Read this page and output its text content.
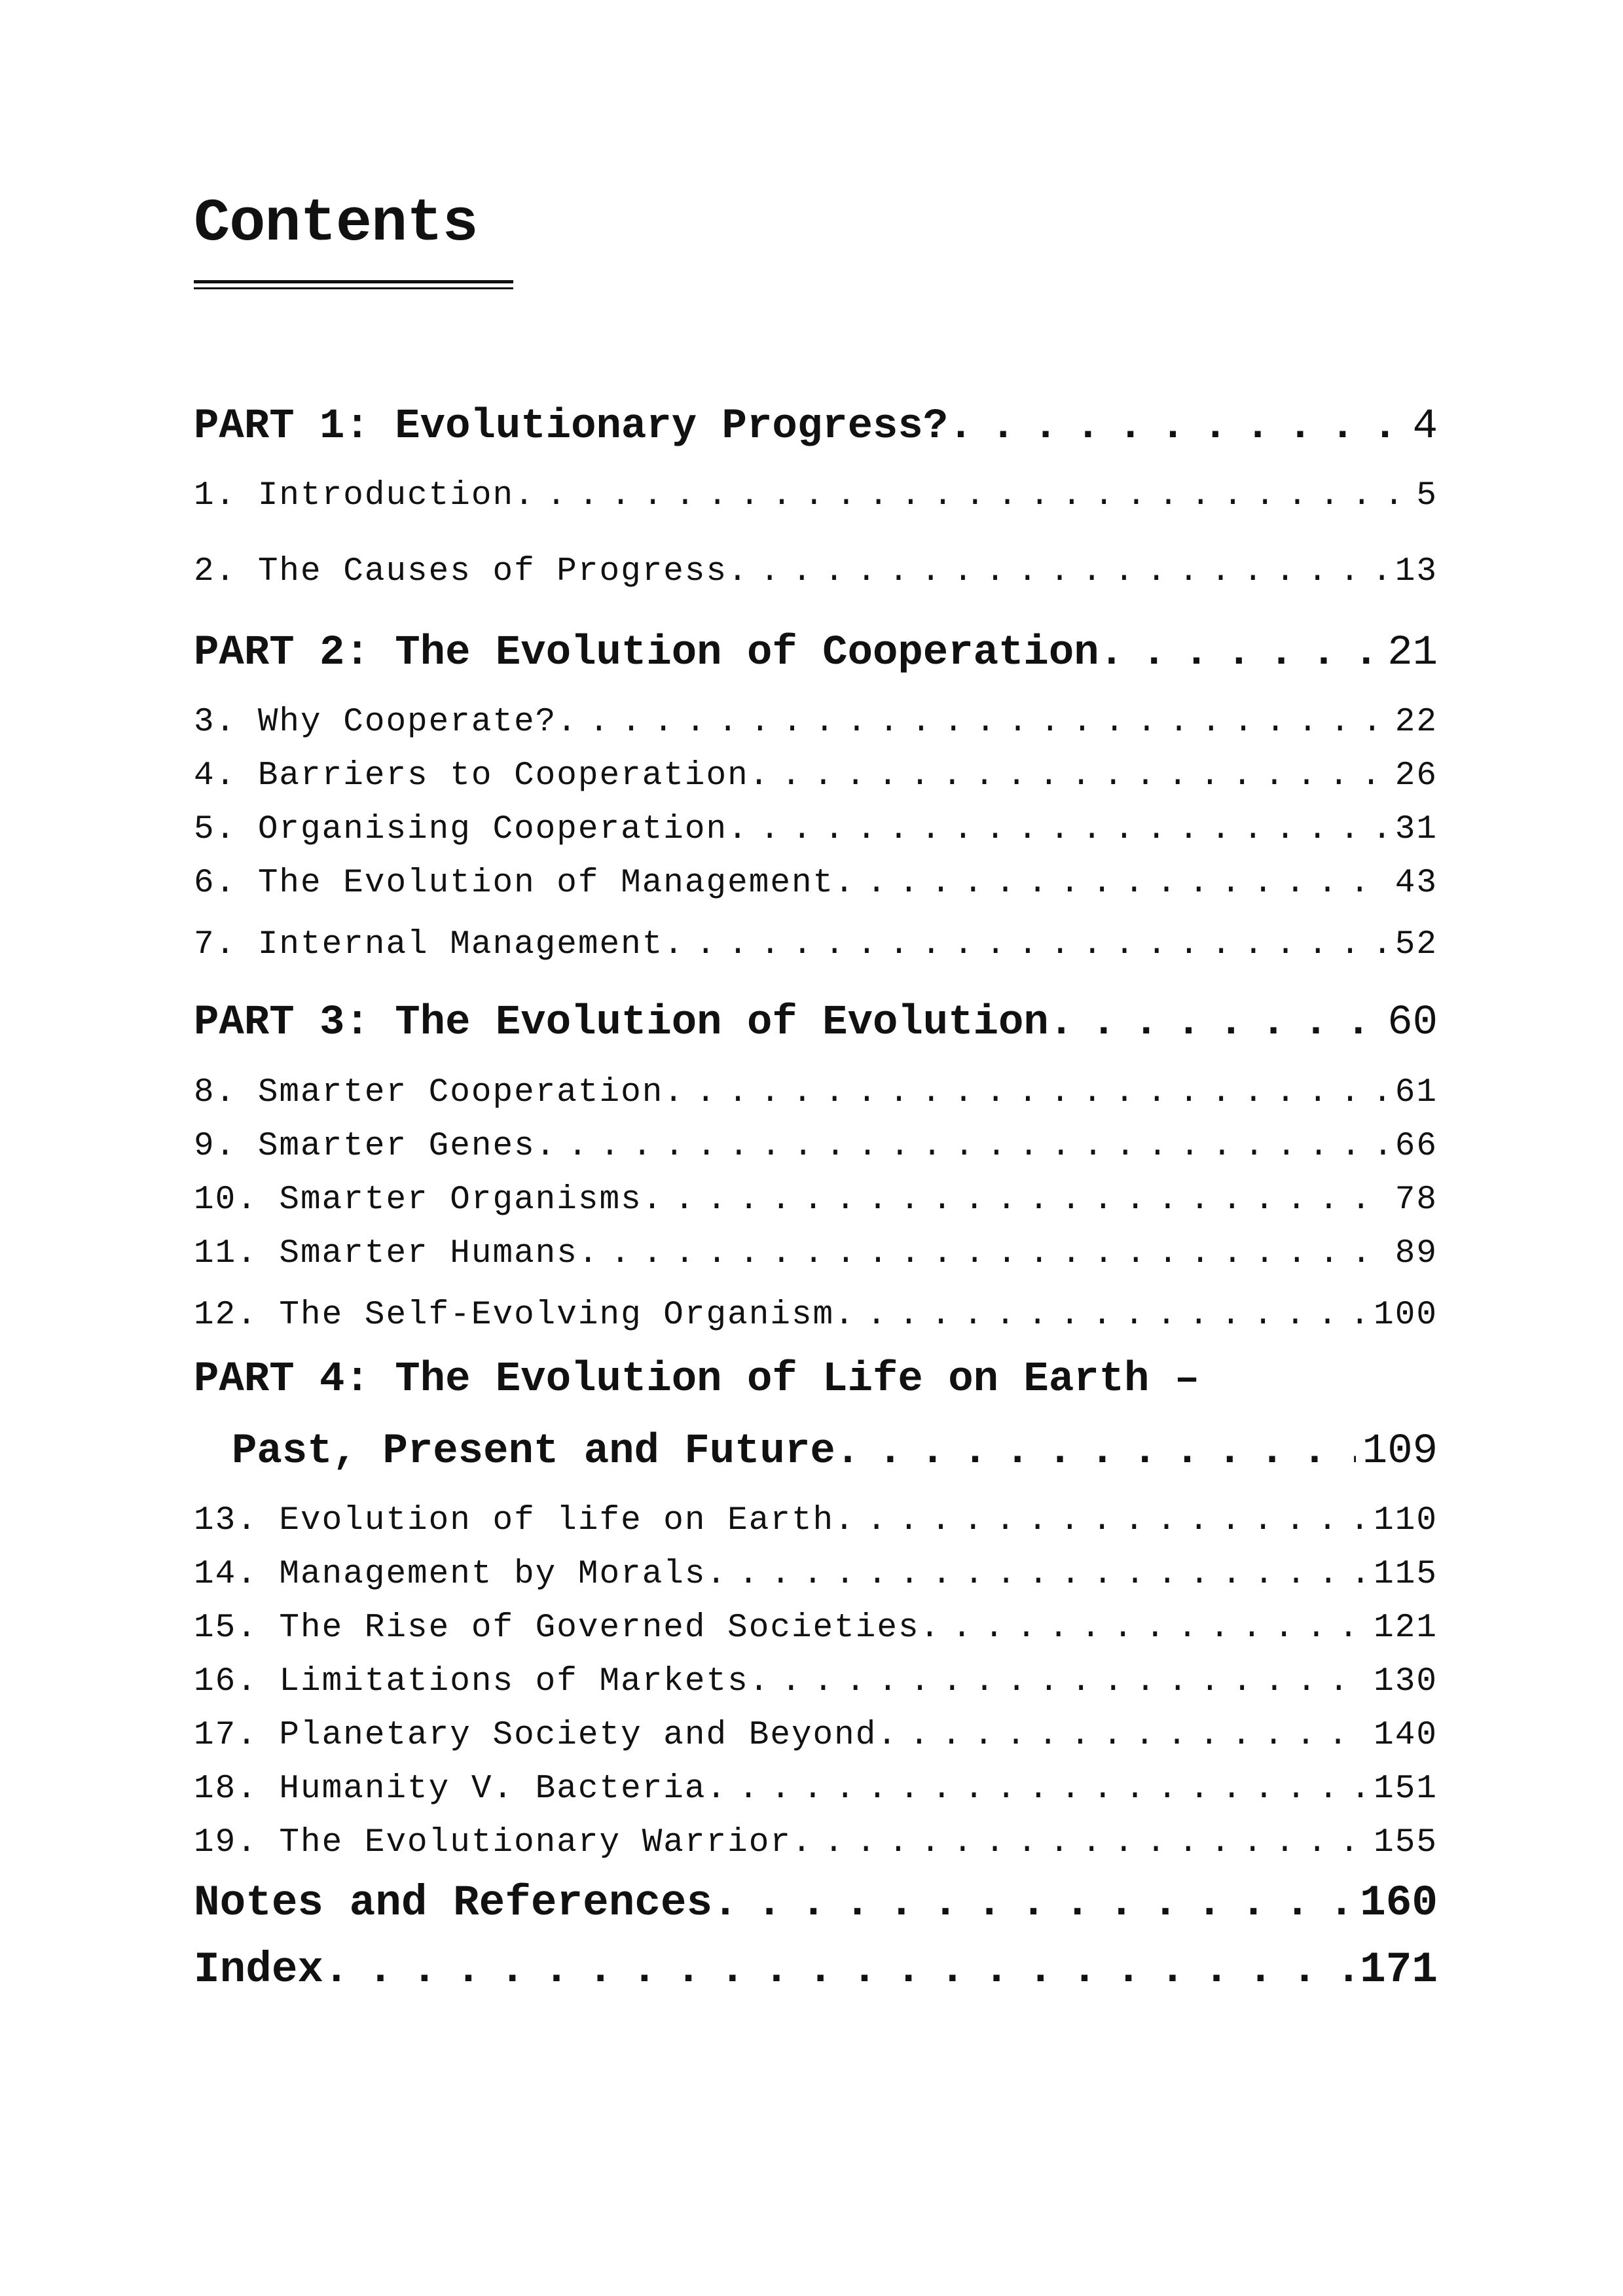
Contents
PART 1: Evolutionary Progress? . . .	4
1. Introduction . . .	5
2. The Causes of Progress . . .	13
PART 2: The Evolution of Cooperation . . .	21
3. Why Cooperate? . . .	22
4. Barriers to Cooperation . . .	26
5. Organising Cooperation . . .	31
6. The Evolution of Management . . .	43
7. Internal Management . . .	52
PART 3: The Evolution of Evolution . . .	60
8. Smarter Cooperation . . .	61
9. Smarter Genes . . .	66
10. Smarter Organisms . . .	78
11. Smarter Humans . . .	89
12. The Self-Evolving Organism . . .	100
PART 4: The Evolution of Life on Earth –
Past, Present and Future . . .	109
13. Evolution of life on Earth . . .	110
14. Management by Morals . . .	115
15. The Rise of Governed Societies . . .	121
16. Limitations of Markets . . .	130
17. Planetary Society and Beyond . . .	140
18. Humanity V. Bacteria . . .	151
19. The Evolutionary Warrior . . .	155
Notes and References . . .	160
Index . . .	171
